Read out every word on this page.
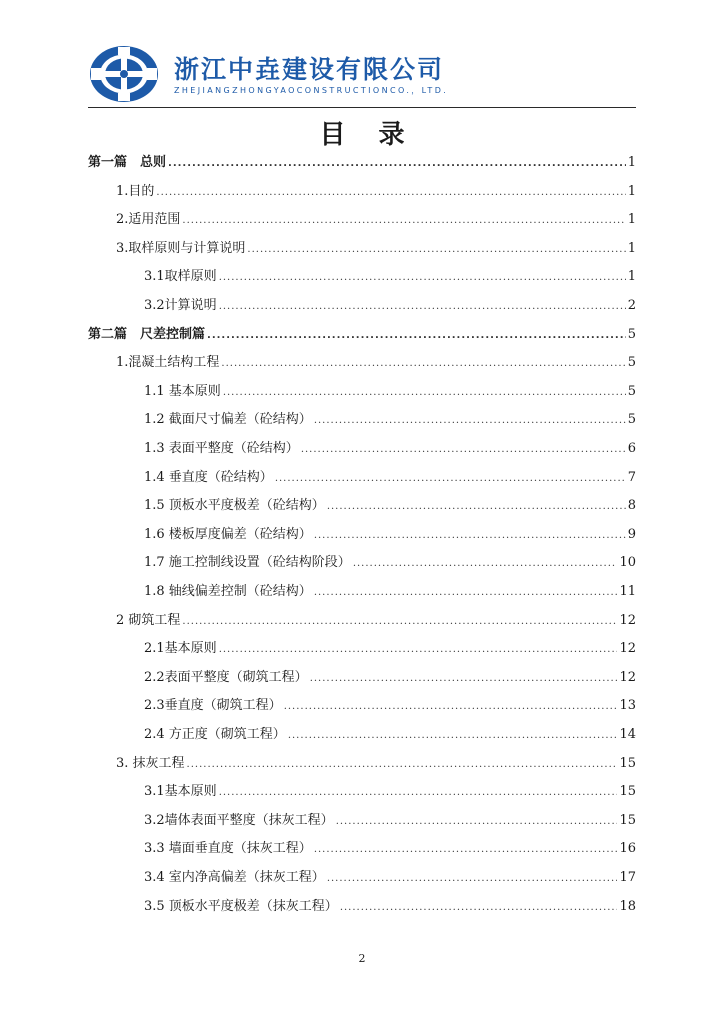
浙江中垚建设有限公司
ZHEJIANGZHONGYAOCONSTRUCTIONCO.，LTD.
目 录
第一篇　总则 .....	1
1.目的 .....	1
2.适用范围 .....	1
3.取样原则与计算说明 .....	1
3.1取样原则 .....	1
3.2计算说明 .....	2
第二篇　尺差控制篇 .....	5
1.混凝土结构工程 .....	5
1.1 基本原则 .....	5
1.2 截面尺寸偏差（砼结构） .....	5
1.3 表面平整度（砼结构） .....	6
1.4 垂直度（砼结构） .....	7
1.5 顶板水平度极差（砼结构） .....	8
1.6 楼板厚度偏差（砼结构） .....	9
1.7 施工控制线设置（砼结构阶段） .....	10
1.8 轴线偏差控制（砼结构） .....	11
2 砌筑工程 .....	12
2.1基本原则 .....	12
2.2表面平整度（砌筑工程） .....	12
2.3垂直度（砌筑工程） .....	13
2.4 方正度（砌筑工程） .....	14
3. 抹灰工程 .....	15
3.1基本原则 .....	15
3.2墙体表面平整度（抹灰工程） .....	15
3.3 墙面垂直度（抹灰工程） .....	16
3.4 室内净高偏差（抹灰工程） .....	17
3.5 顶板水平度极差（抹灰工程） .....	18
2
